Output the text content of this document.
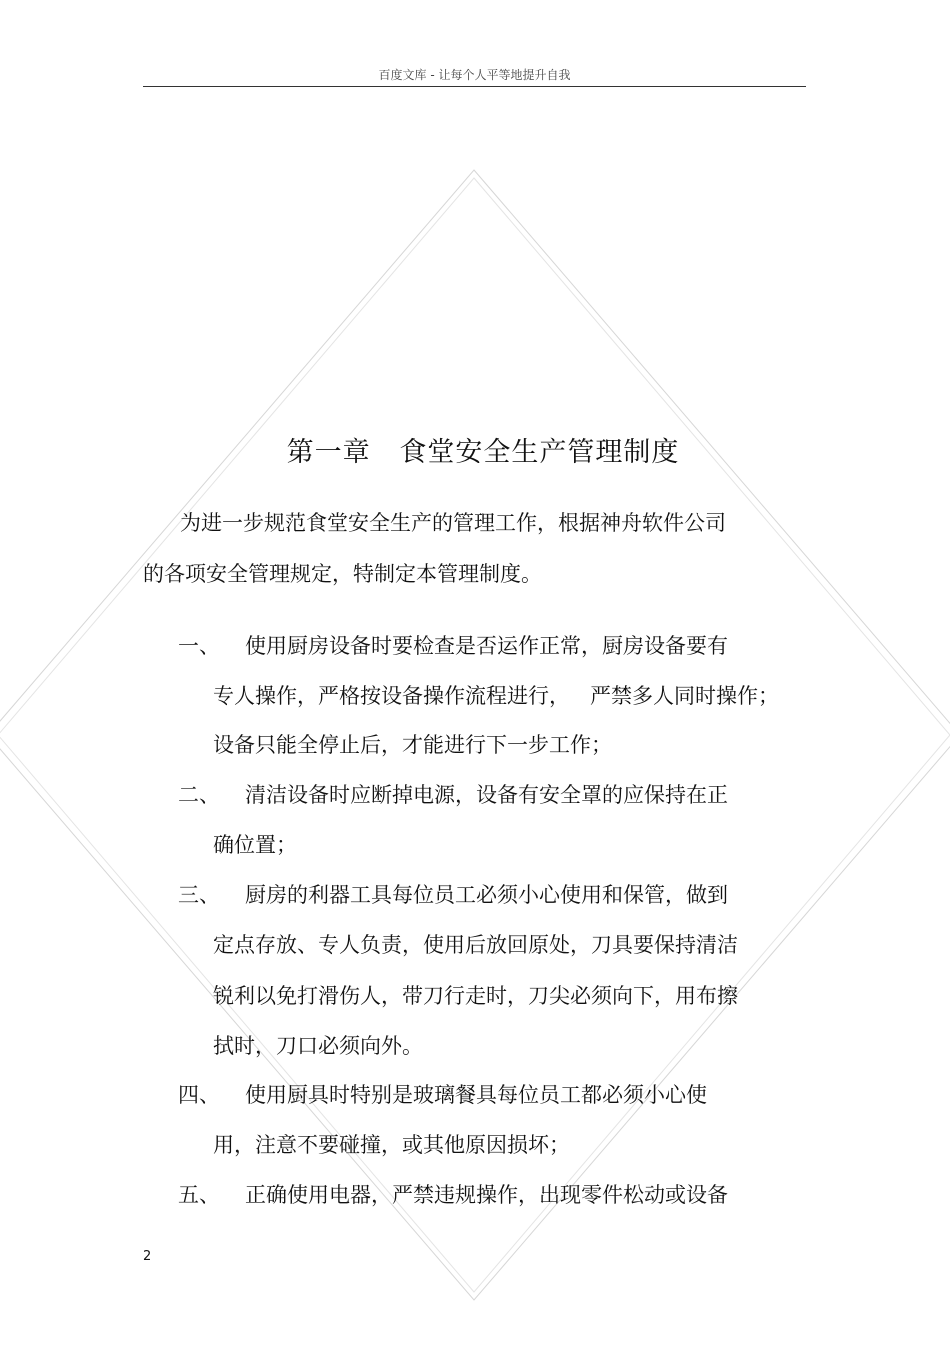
百度文库 - 让每个人平等地提升自我
第一章   食堂安全生产管理制度
为进一步规范食堂安全生产的管理工作，根据神舟软件公司
的各项安全管理规定，特制定本管理制度。
一、 使用厨房设备时要检查是否运作正常，厨房设备要有
专人操作，严格按设备操作流程进行，   严禁多人同时操作；
设备只能全停止后，才能进行下一步工作；
二、 清洁设备时应断掉电源，设备有安全罩的应保持在正
确位置；
三、 厨房的利器工具每位员工必须小心使用和保管，做到
定点存放、专人负责，使用后放回原处，刀具要保持清洁
锐利以免打滑伤人，带刀行走时，刀尖必须向下，用布擦
拭时，刀口必须向外。
四、 使用厨具时特别是玻璃餐具每位员工都必须小心使
用，注意不要碰撞，或其他原因损坏；
五、 正确使用电器，严禁违规操作，出现零件松动或设备
2
